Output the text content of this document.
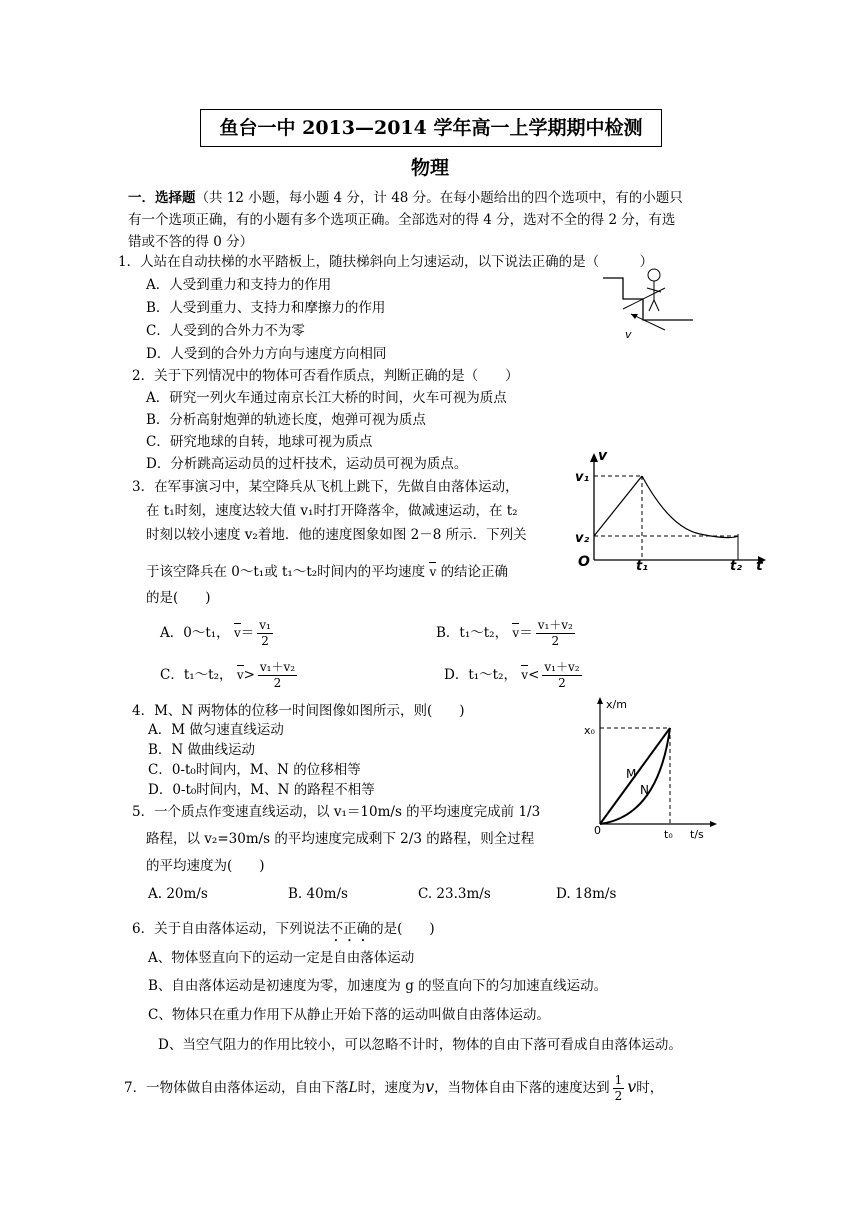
鱼台一中 2013—2014 学年高一上学期期中检测
物理
一．选择题（共 12 小题，每小题 4 分，计 48 分。在每小题给出的四个选项中，有的小题只
有一个选项正确，有的小题有多个选项正确。全部选对的得 4 分，选对不全的得 2 分，有选
错或不答的得 0 分）
1．人站在自动扶梯的水平踏板上，随扶梯斜向上匀速运动，以下说法正确的是（　　　）
A．人受到重力和支持力的作用
B．人受到重力、支持力和摩擦力的作用
C．人受到的合外力不为零
D．人受到的合外力方向与速度方向相同
v
2．关于下列情况中的物体可否看作质点，判断正确的是（　　）
A．研究一列火车通过南京长江大桥的时间，火车可视为质点
B．分析高射炮弹的轨迹长度，炮弹可视为质点
C．研究地球的自转，地球可视为质点
D．分析跳高运动员的过杆技术，运动员可视为质点。
3．在军事演习中，某空降兵从飞机上跳下，先做自由落体运动，
在 t₁时刻，速度达较大值 v₁时打开降落伞，做减速运动，在 t₂
时刻以较小速度 v₂着地．他的速度图象如图 2－8 所示．下列关
于该空降兵在 0～t₁或 t₁～t₂时间内的平均速度 v 的结论正确
的是(　　)
A．0～t₁， $v= \frac{\text{v₁}}{2}$	B．t₁～t₂， $v= \frac{\text{v₁＋v₂}}{2}$
C．t₁～t₂， $v> \frac{\text{v₁＋v₂}}{2}$	D．t₁～t₂， $v< \frac{\text{v₁＋v₂}}{2}$
v
v₁
v₂
O	t₁	t₂ t
4．M、N 两物体的位移一时间图像如图所示，则(　　)
A．M 做匀速直线运动
B．N 做曲线运动
C．0-t₀时间内，M、N 的位移相等
D．0-t₀时间内，M、N 的路程不相等
x/m
x₀
M
N
0	t₀ t/s
5．一个质点作变速直线运动，以 v₁＝10m/s 的平均速度完成前 1/3
路程，以 v₂=30m/s 的平均速度完成剩下 2/3 的路程，则全过程
的平均速度为(　　)
A. 20m/s	B. 40m/s	C. 23.3m/s	D. 18m/s
6．关于自由落体运动，下列说法不正确的是(　　)
A、物体竖直向下的运动一定是自由落体运动
B、自由落体运动是初速度为零，加速度为 g 的竖直向下的匀加速直线运动。
C、物体只在重力作用下从静止开始下落的运动叫做自由落体运动。
D、当空气阻力的作用比较小，可以忽略不计时，物体的自由下落可看成自由落体运动。
7．一物体做自由落体运动，自由下落L时，速度为v，当物体自由下落的速度达到 $\frac{1}{2}$ v时，
